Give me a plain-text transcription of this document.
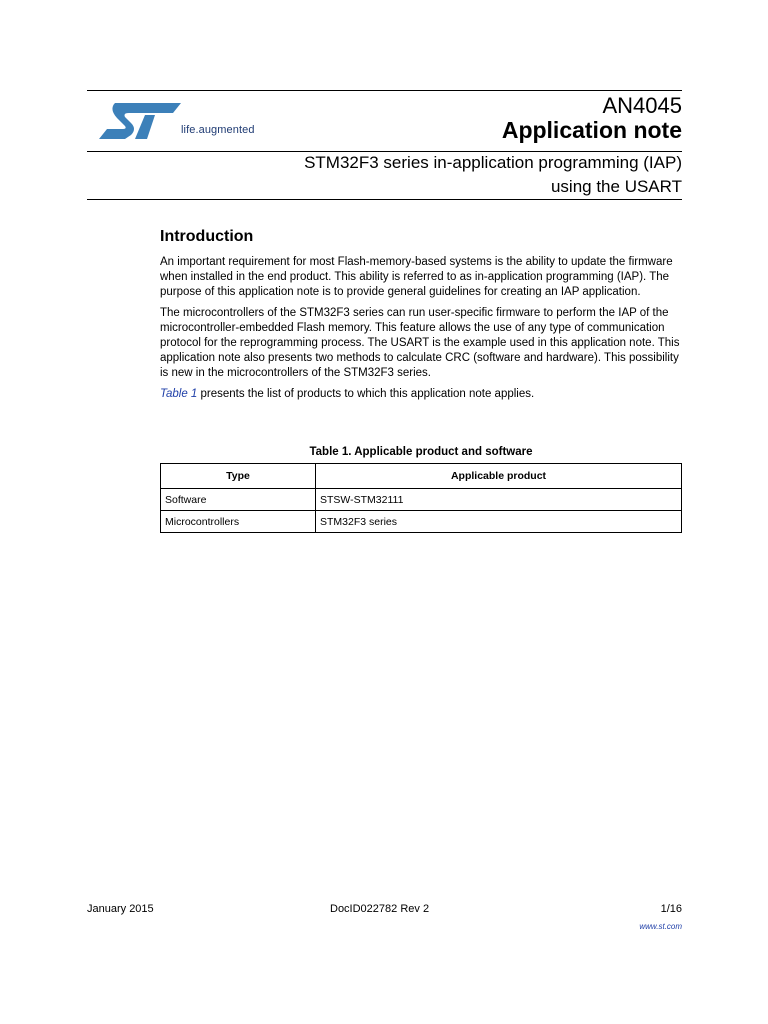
life.augmented
AN4045
Application note
STM32F3 series in-application programming (IAP)
using the USART
Introduction

An important requirement for most Flash-memory-based systems is the ability to update the firmware when installed in the end product. This ability is referred to as in-application programming (IAP). The purpose of this application note is to provide general guidelines for creating an IAP application.

The microcontrollers of the STM32F3 series can run user-specific firmware to perform the IAP of the microcontroller-embedded Flash memory. This feature allows the use of any type of communication protocol for the reprogramming process. The USART is the example used in this application note. This application note also presents two methods to calculate CRC (software and hardware). This possibility is new in the microcontrollers of the STM32F3 series.

Table 1 presents the list of products to which this application note applies.

Table 1. Applicable product and software
Type	Applicable product
Software	STSW-STM32111
Microcontrollers	STM32F3 series
January 2015	DocID022782 Rev 2	1/16
www.st.com
